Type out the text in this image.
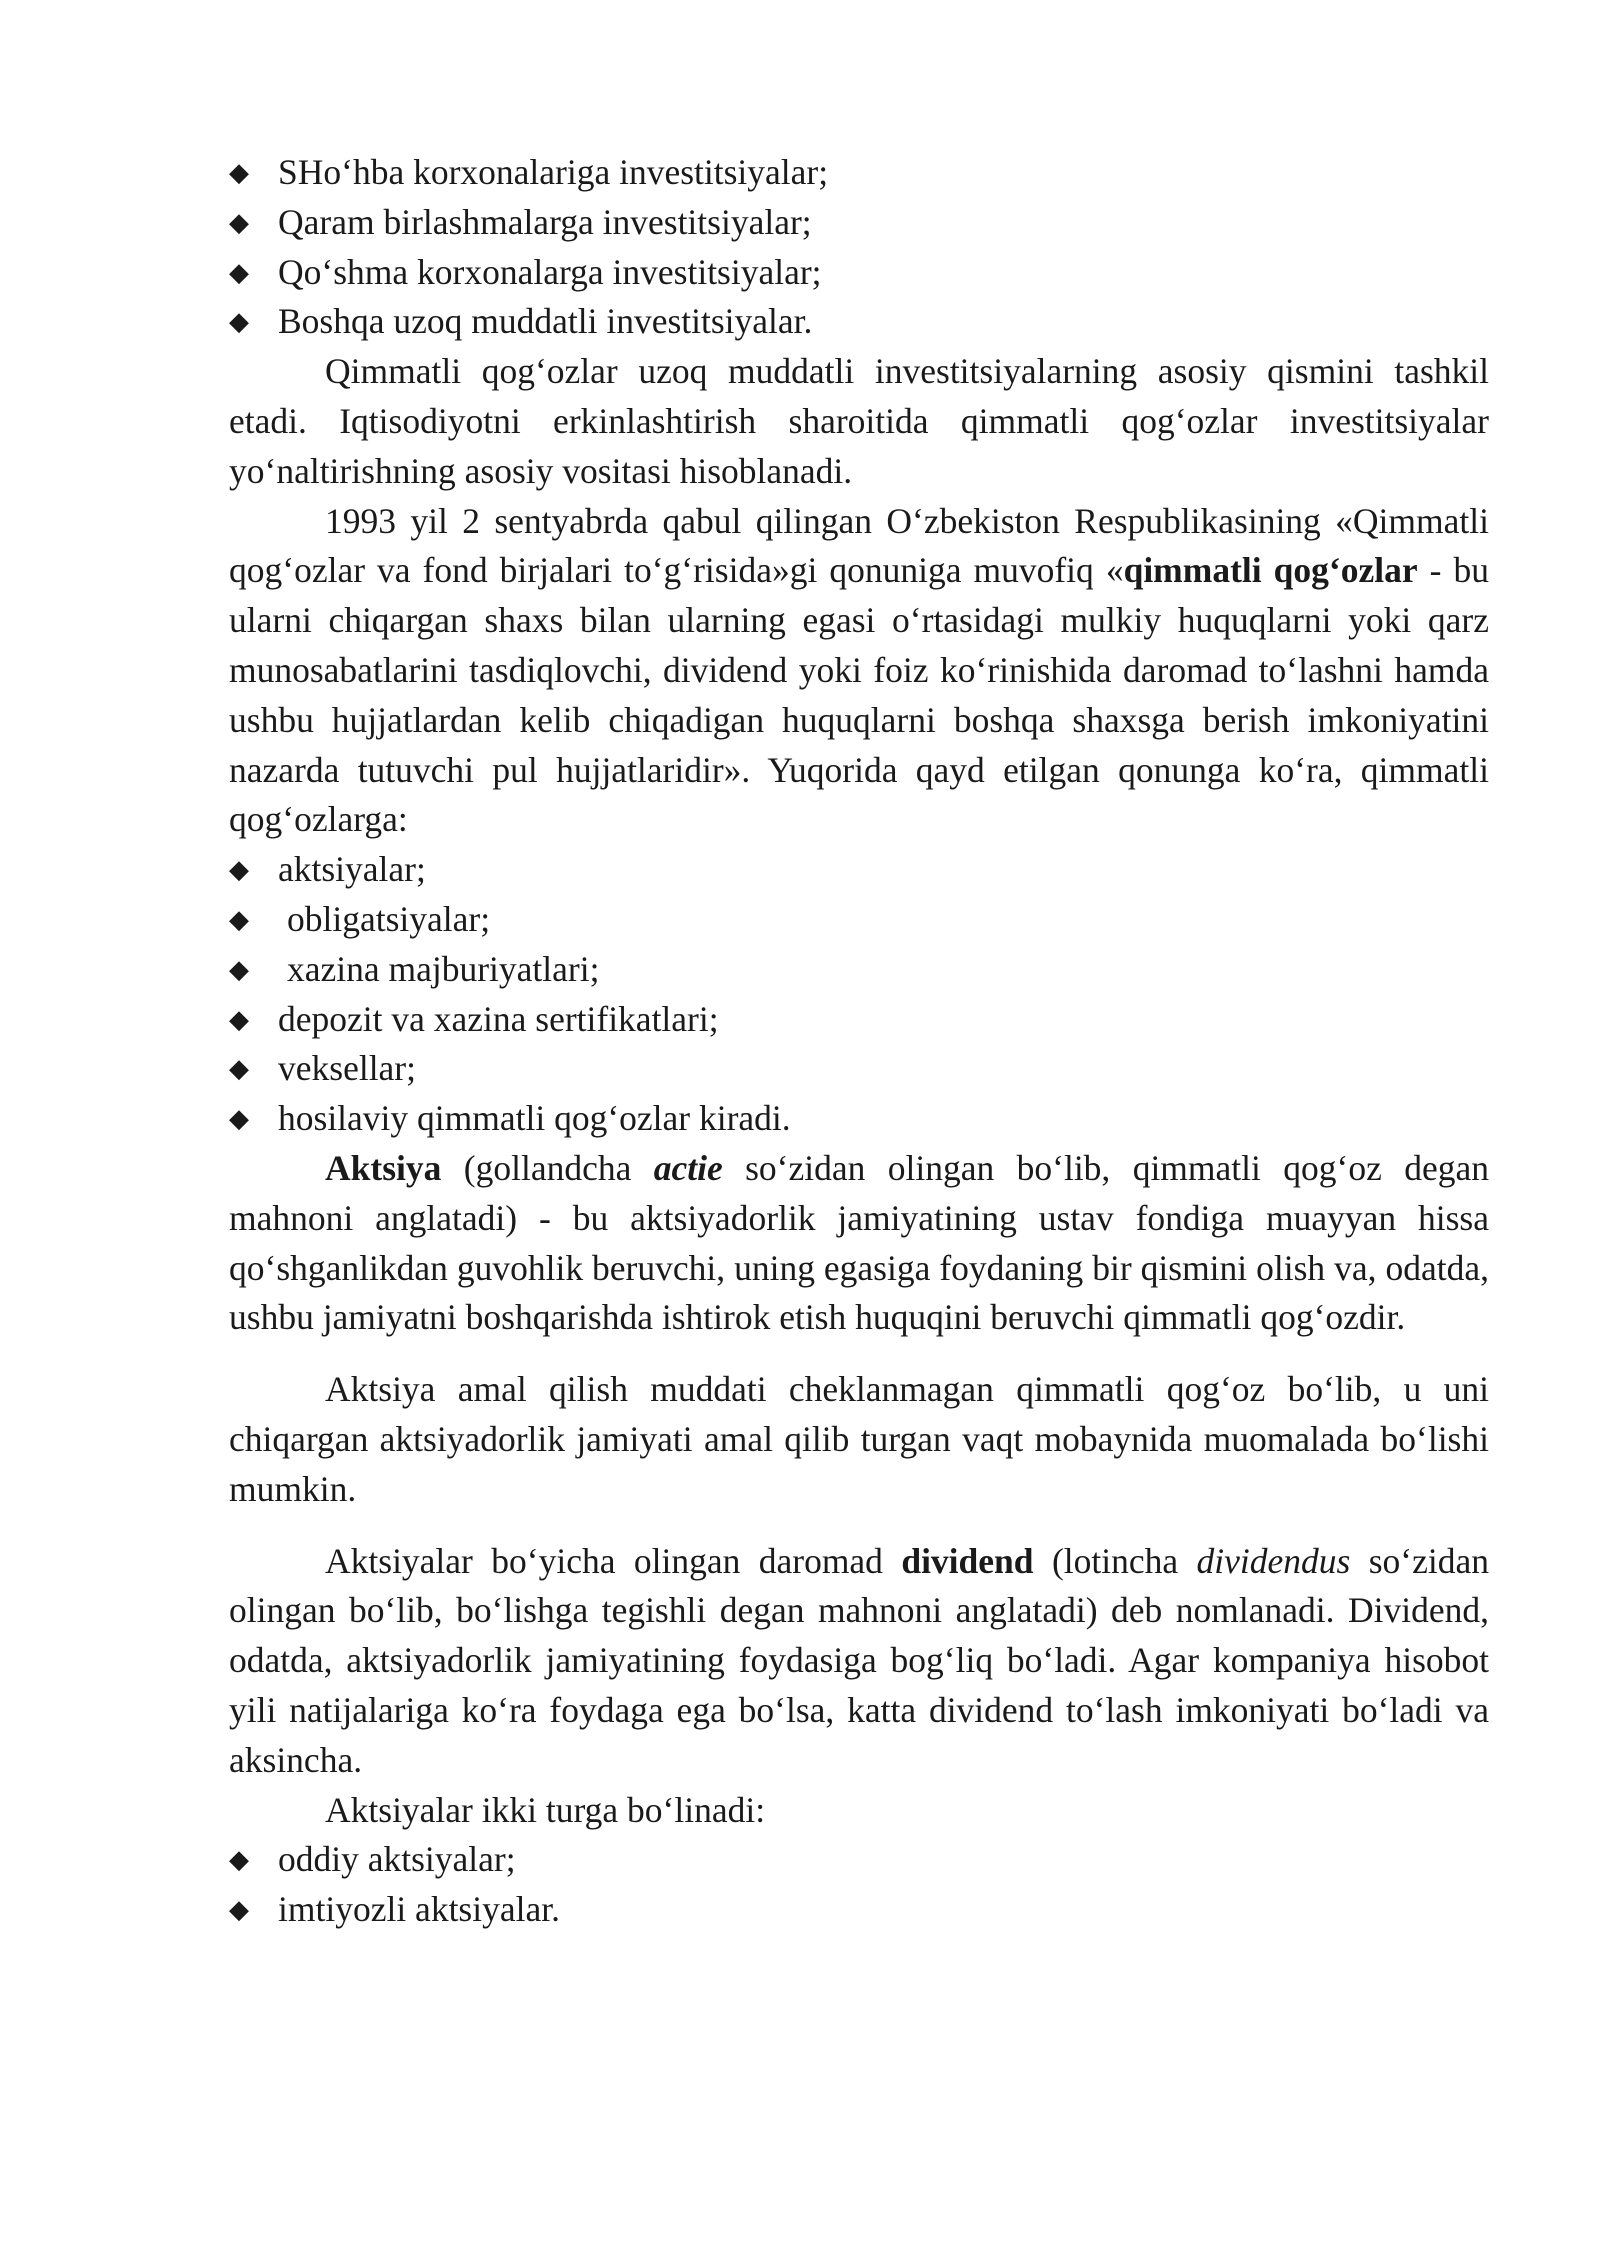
◆ SHo‘hba korxonalariga investitsiyalar;
◆ Qaram birlashmalarga investitsiyalar;
◆ Qo‘shma korxonalarga investitsiyalar;
◆ Boshqa uzoq muddatli investitsiyalar.

Qimmatli qog‘ozlar uzoq muddatli investitsiyalarning asosiy qismini tashkil etadi. Iqtisodiyotni erkinlashtirish sharoitida qimmatli qog‘ozlar investitsiyalar yo‘naltirishning asosiy vositasi hisoblanadi.

1993 yil 2 sentyabrda qabul qilingan O‘zbekiston Respublikasining «Qimmatli qog‘ozlar va fond birjalari to‘g‘risida»gi qonuniga muvofiq «qimmatli qog‘ozlar - bu ularni chiqargan shaxs bilan ularning egasi o‘rtasidagi mulkiy huquqlarni yoki qarz munosabatlarini tasdiqlovchi, dividend yoki foiz ko‘rinishida daromad to‘lashni hamda ushbu hujjatlardan kelib chiqadigan huquqlarni boshqa shaxsga berish imkoniyatini nazarda tutuvchi pul hujjatlaridir». Yuqorida qayd etilgan qonunga ko‘ra, qimmatli qog‘ozlarga:

◆ aktsiyalar;
◆ obligatsiyalar;
◆ xazina majburiyatlari;
◆ depozit va xazina sertifikatlari;
◆ veksellar;
◆ hosilaviy qimmatli qog‘ozlar kiradi.

Aktsiya (gollandcha actie so‘zidan olingan bo‘lib, qimmatli qog‘oz degan mahnoni anglatadi) - bu aktsiyadorlik jamiyatining ustav fondiga muayyan hissa qo‘shganlikdan guvohlik beruvchi, uning egasiga foydaning bir qismini olish va, odatda, ushbu jamiyatni boshqarishda ishtirok etish huquqini beruvchi qimmatli qog‘ozdir.

Aktsiya amal qilish muddati cheklanmagan qimmatli qog‘oz bo‘lib, u uni chiqargan aktsiyadorlik jamiyati amal qilib turgan vaqt mobaynida muomalada bo‘lishi mumkin.

Aktsiyalar bo‘yicha olingan daromad dividend (lotincha dividendus so‘zidan olingan bo‘lib, bo‘lishga tegishli degan mahnoni anglatadi) deb nomlanadi. Dividend, odatda, aktsiyadorlik jamiyatining foydasiga bog‘liq bo‘ladi. Agar kompaniya hisobot yili natijalariga ko‘ra foydaga ega bo‘lsa, katta dividend to‘lash imkoniyati bo‘ladi va aksincha.

Aktsiyalar ikki turga bo‘linadi:

◆ oddiy aktsiyalar;
◆ imtiyozli aktsiyalar.
